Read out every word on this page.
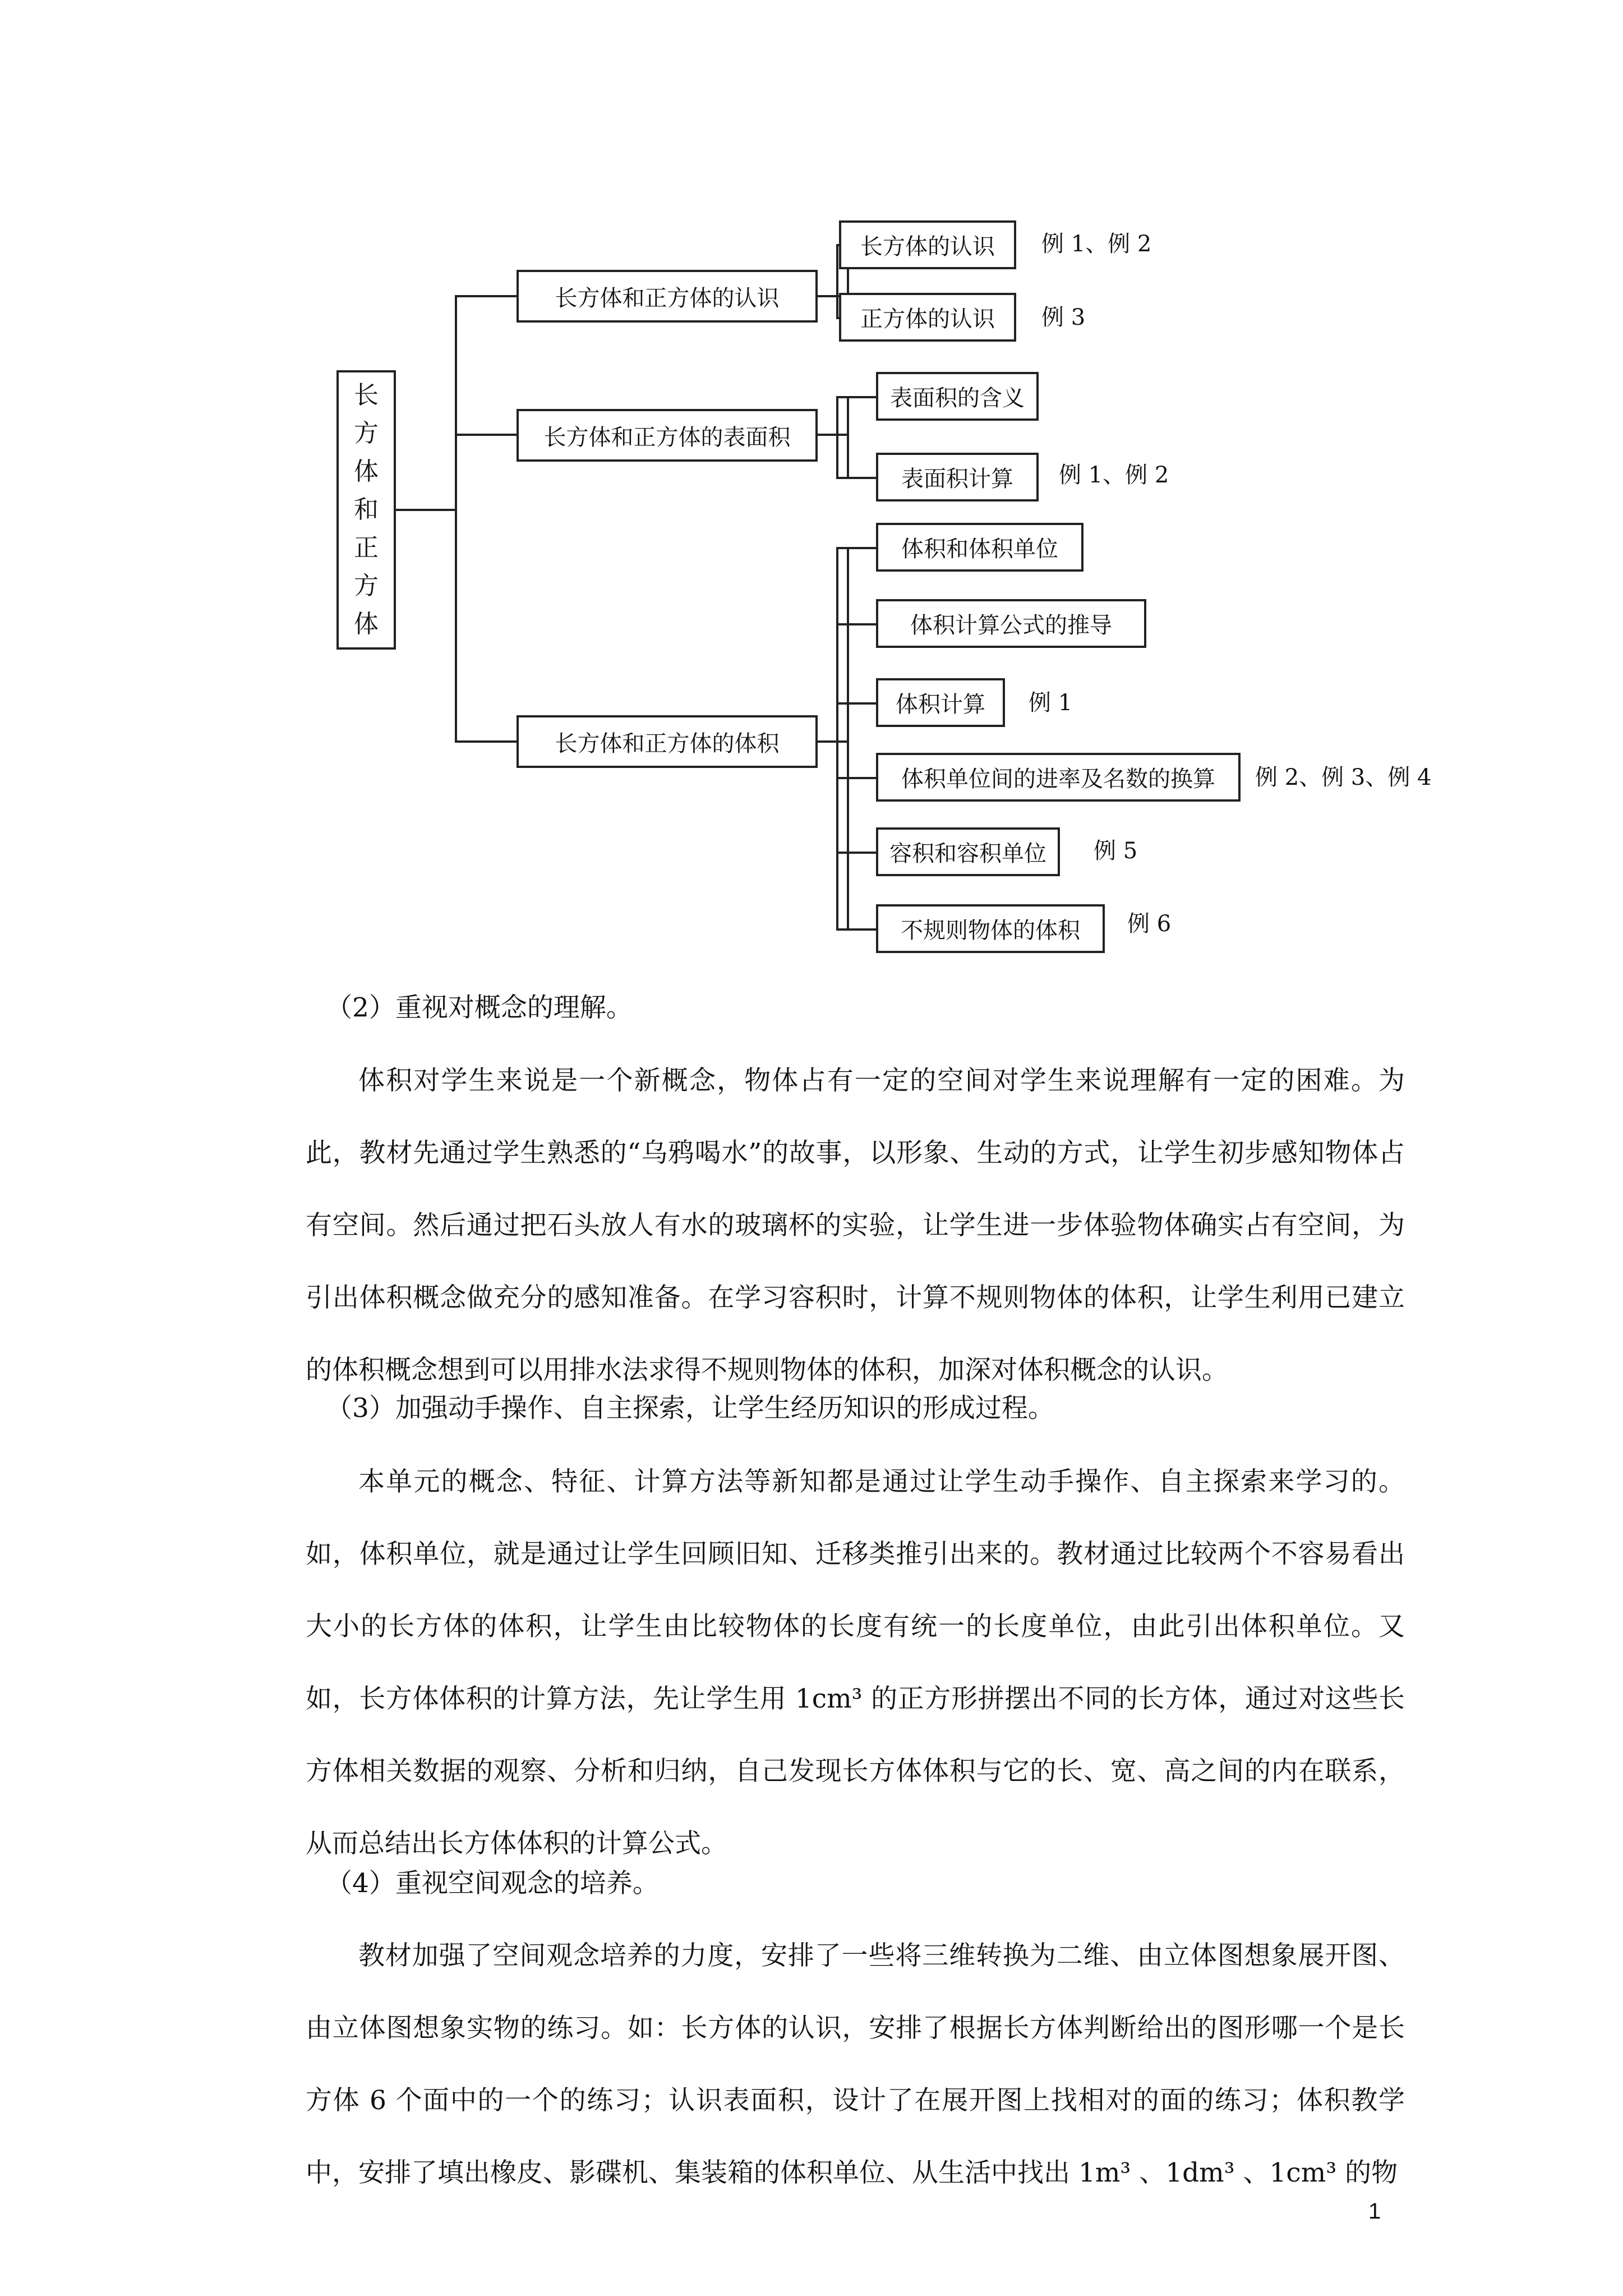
长
方
体
和
正
方
体
长方体和正方体的认识
长方体和正方体的表面积
长方体和正方体的体积
长方体的认识 例 1、例 2
正方体的认识 例 3
表面积的含义
表面积计算 例 1、例 2
体积和体积单位
体积计算公式的推导
体积计算 例 1
体积单位间的进率及名数的换算 例 2、例 3、例 4
容积和容积单位 例 5
不规则物体的体积 例 6
（2）重视对概念的理解。
体积对学生来说是一个新概念，物体占有一定的空间对学生来说理解有一定的困难。为此，教材先通过学生熟悉的“乌鸦喝水”的故事，以形象、生动的方式，让学生初步感知物体占有空间。然后通过把石头放人有水的玻璃杯的实验，让学生进一步体验物体确实占有空间，为引出体积概念做充分的感知准备。在学习容积时，计算不规则物体的体积，让学生利用已建立的体积概念想到可以用排水法求得不规则物体的体积，加深对体积概念的认识。
（3）加强动手操作、自主探索，让学生经历知识的形成过程。
本单元的概念、特征、计算方法等新知都是通过让学生动手操作、自主探索来学习的。如，体积单位，就是通过让学生回顾旧知、迁移类推引出来的。教材通过比较两个不容易看出大小的长方体的体积，让学生由比较物体的长度有统一的长度单位，由此引出体积单位。又如，长方体体积的计算方法，先让学生用 1cm³ 的正方形拼摆出不同的长方体，通过对这些长方体相关数据的观察、分析和归纳，自己发现长方体体积与它的长、宽、高之间的内在联系，从而总结出长方体体积的计算公式。
（4）重视空间观念的培养。
教材加强了空间观念培养的力度，安排了一些将三维转换为二维、由立体图想象展开图、由立体图想象实物的练习。如：长方体的认识，安排了根据长方体判断给出的图形哪一个是长方体 6 个面中的一个的练习；认识表面积，设计了在展开图上找相对的面的练习；体积教学中，安排了填出橡皮、影碟机、集装箱的体积单位、从生活中找出 1m³ 、1dm³ 、1cm³ 的物
1
